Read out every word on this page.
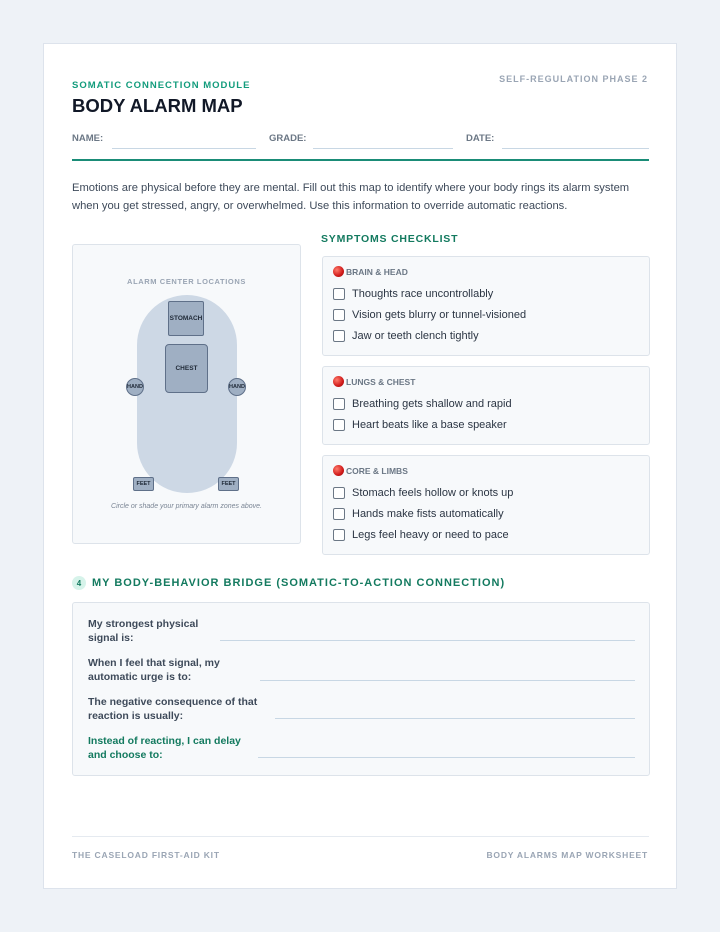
SOMATIC CONNECTION MODULE
SELF-REGULATION PHASE 2
BODY ALARM MAP
NAME:	GRADE:	DATE:

Emotions are physical before they are mental. Fill out this map to identify where your body rings its alarm system when you get stressed, angry, or overwhelmed. Use this information to override automatic reactions.

ALARM CENTER LOCATIONS
STOMACH
CHEST
HAND	HAND
FEET	FEET
Circle or shade your primary alarm zones above.
SYMPTOMS CHECKLIST
BRAIN & HEAD
Thoughts race uncontrollably
Vision gets blurry or tunnel-visioned
Jaw or teeth clench tightly
LUNGS & CHEST
Breathing gets shallow and rapid
Heart beats like a base speaker
CORE & LIMBS
Stomach feels hollow or knots up
Hands make fists automatically
Legs feel heavy or need to pace
4 MY BODY-BEHAVIOR BRIDGE (SOMATIC-TO-ACTION CONNECTION)
My strongest physical
signal is:
When I feel that signal, my
automatic urge is to:
The negative consequence of that
reaction is usually:
Instead of reacting, I can delay
and choose to:
THE CASELOAD FIRST-AID KIT	BODY ALARMS MAP WORKSHEET
